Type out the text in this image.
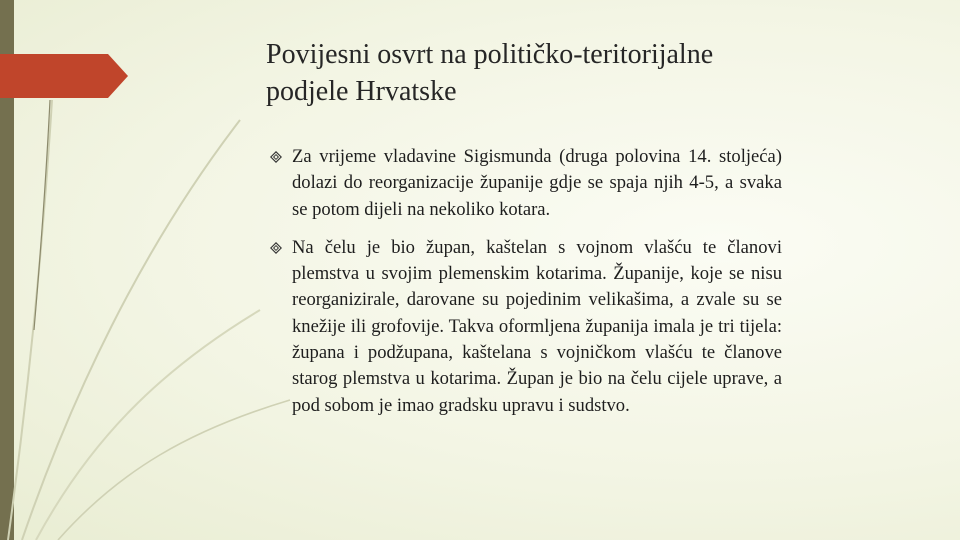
Povijesni osvrt na političko-teritorijalne
podjele Hrvatske
Za vrijeme vladavine Sigismunda (druga polovina 14. stoljeća) dolazi do reorganizacije županije gdje se spaja njih 4-5, a svaka se potom dijeli na nekoliko kotara.
Na čelu je bio župan, kaštelan s vojnom vlašću te članovi plemstva u svojim plemenskim kotarima. Županije, koje se nisu reorganizirale, darovane su pojedinim velikašima, a zvale su se knežije ili grofovije. Takva oformljena županija imala je tri tijela: župana i podžupana, kaštelana s vojničkom vlašću te članove starog plemstva u kotarima. Župan je bio na čelu cijele uprave, a pod sobom je imao gradsku upravu i sudstvo.
